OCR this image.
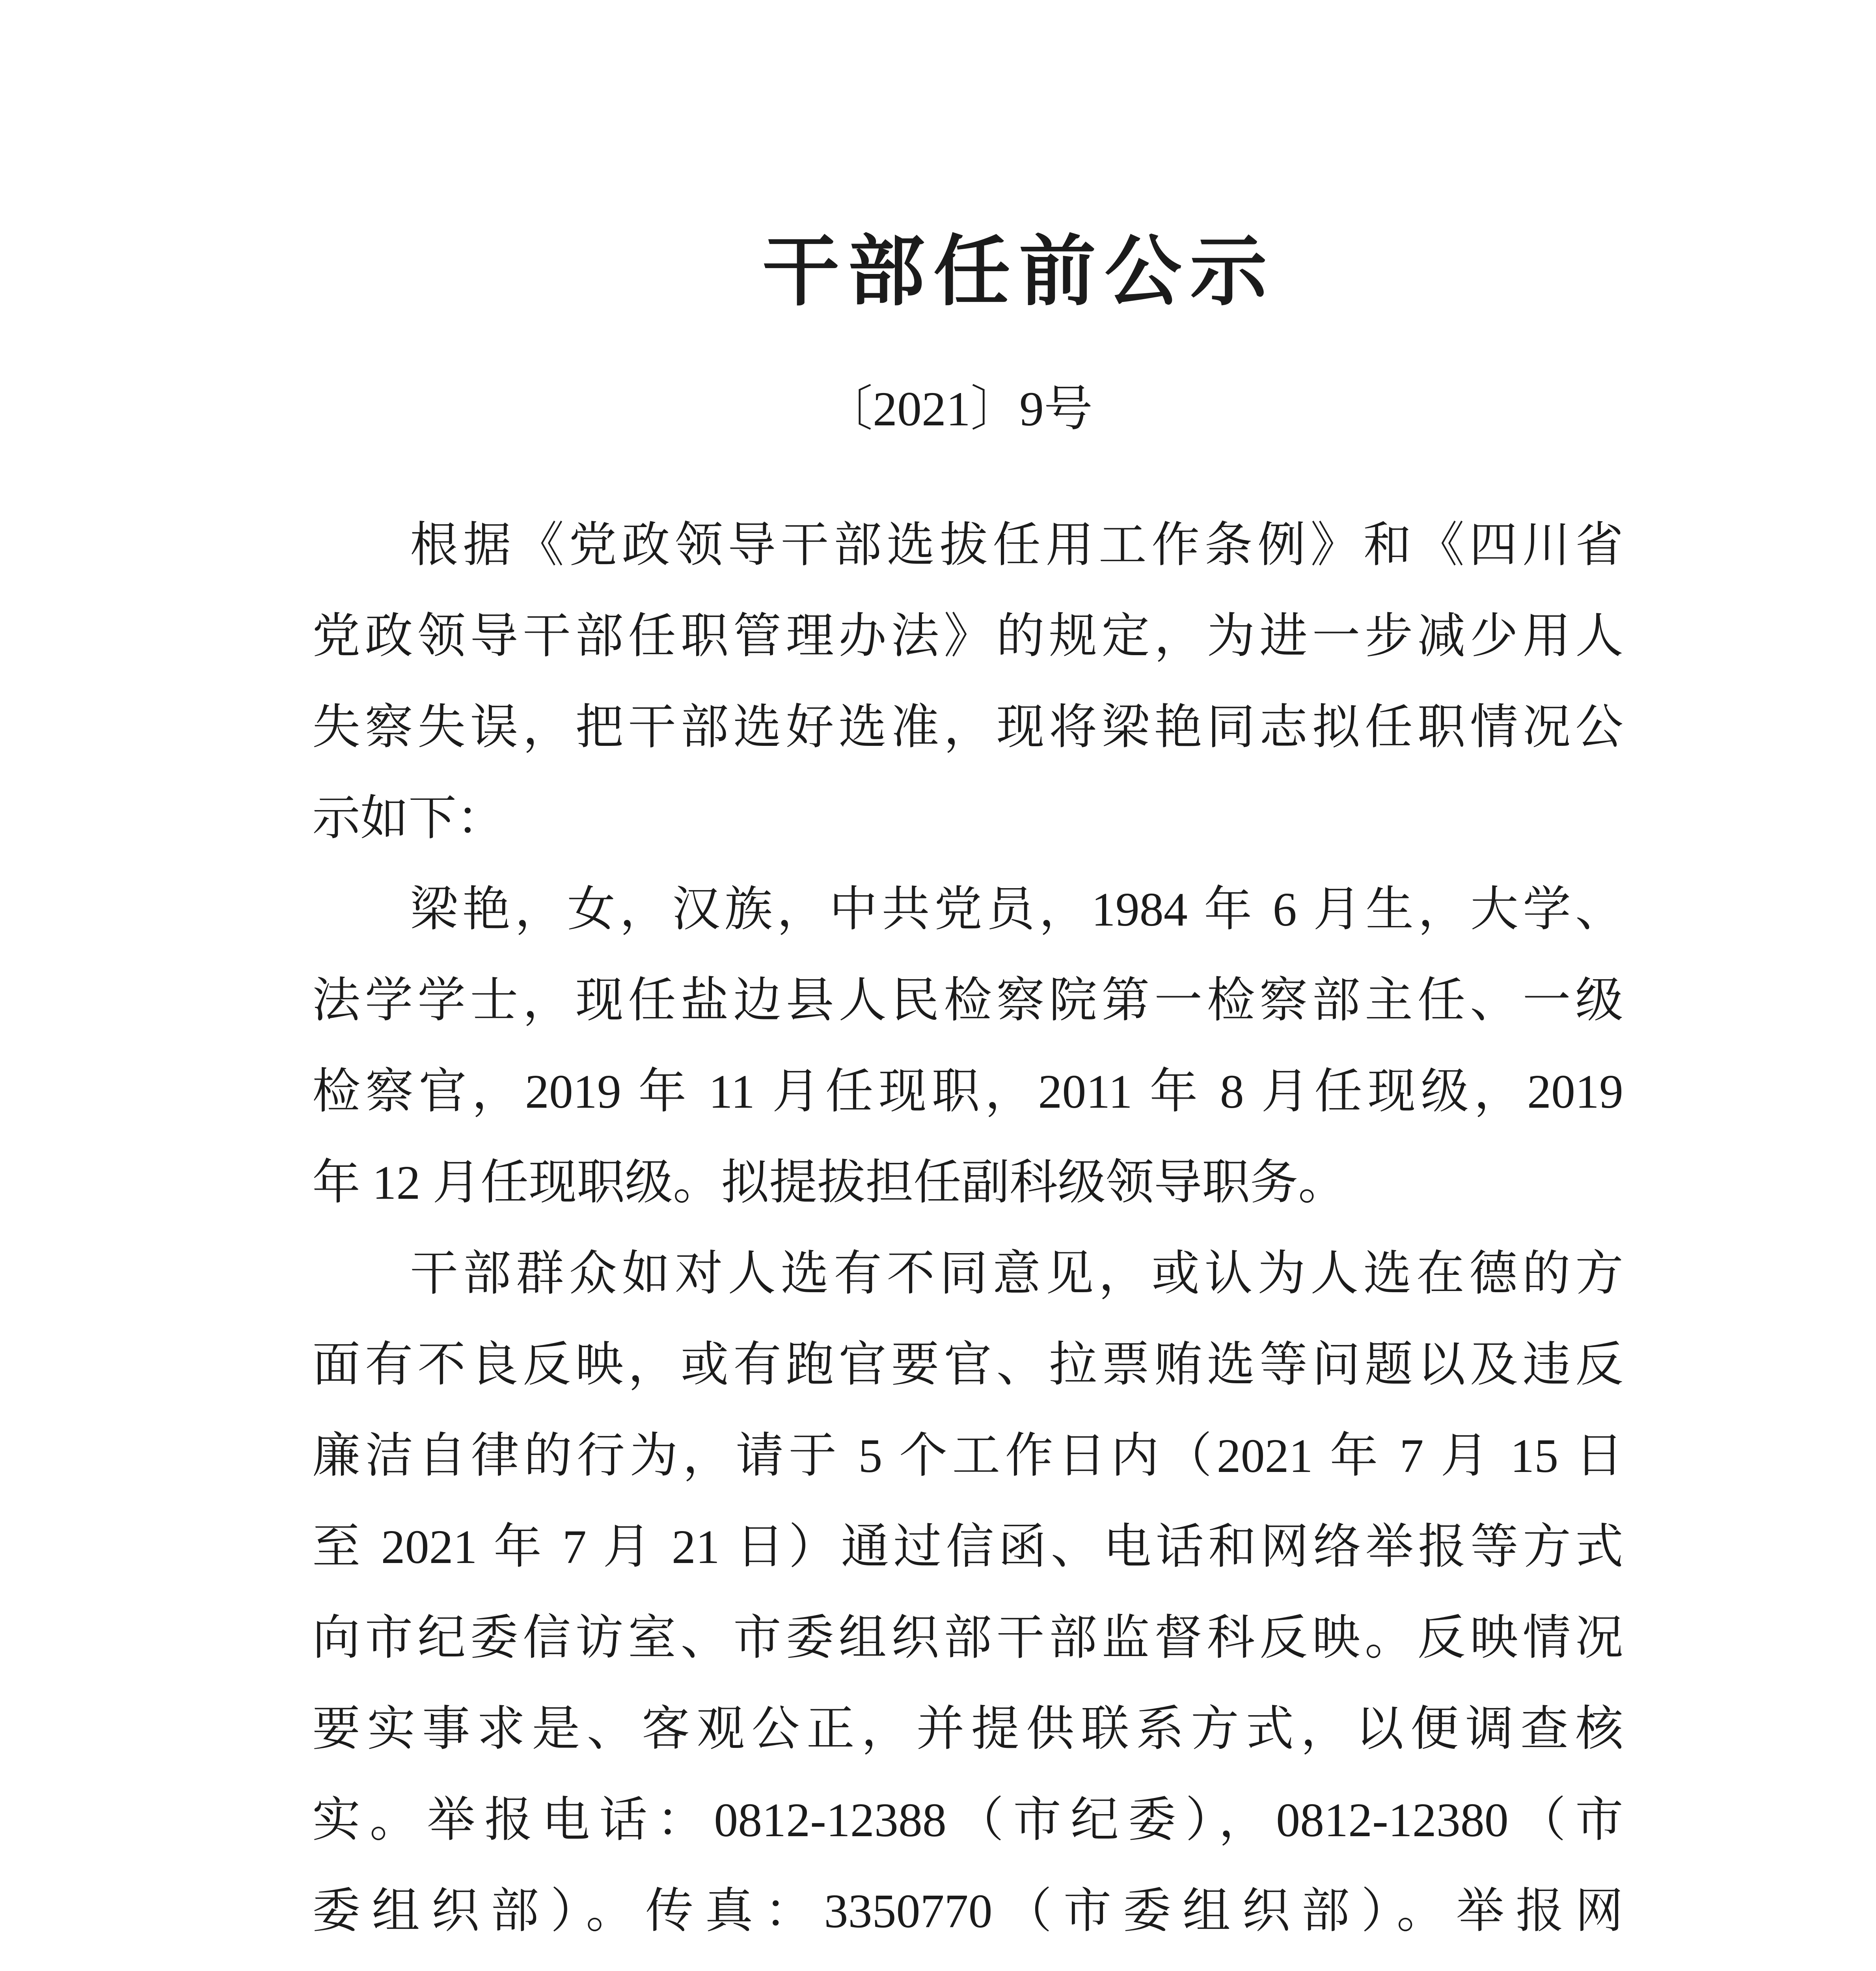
干部任前公示
〔2021〕9号
根据《党政领导干部选拔任用工作条例》和《四川省
党政领导干部任职管理办法》的规定，为进一步减少用人
失察失误，把干部选好选准，现将梁艳同志拟任职情况公
示如下：
梁艳，女，汉族，中共党员，1984 年 6 月生，大学、
法学学士，现任盐边县人民检察院第一检察部主任、一级
检察官，2019 年 11 月任现职，2011 年 8 月任现级，2019
年 12 月任现职级。拟提拔担任副科级领导职务。
干部群众如对人选有不同意见，或认为人选在德的方
面有不良反映，或有跑官要官、拉票贿选等问题以及违反
廉洁自律的行为，请于 5 个工作日内（2021 年 7 月 15 日
至 2021 年 7 月 21 日）通过信函、电话和网络举报等方式
向市纪委信访室、市委组织部干部监督科反映。反映情况
要实事求是、客观公正，并提供联系方式，以便调查核
实。举报电话：0812-12388（市纪委），0812-12380（市
委组织部）。传真：3350770（市委组织部）。举报网
